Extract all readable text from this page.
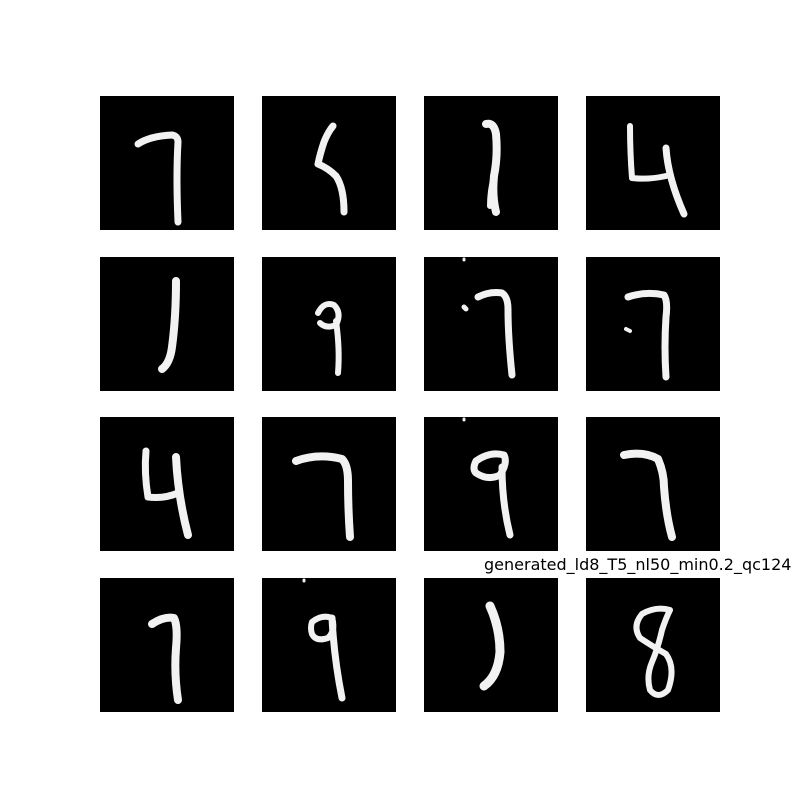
generated_ld8_T5_nl50_min0.2_qc124
